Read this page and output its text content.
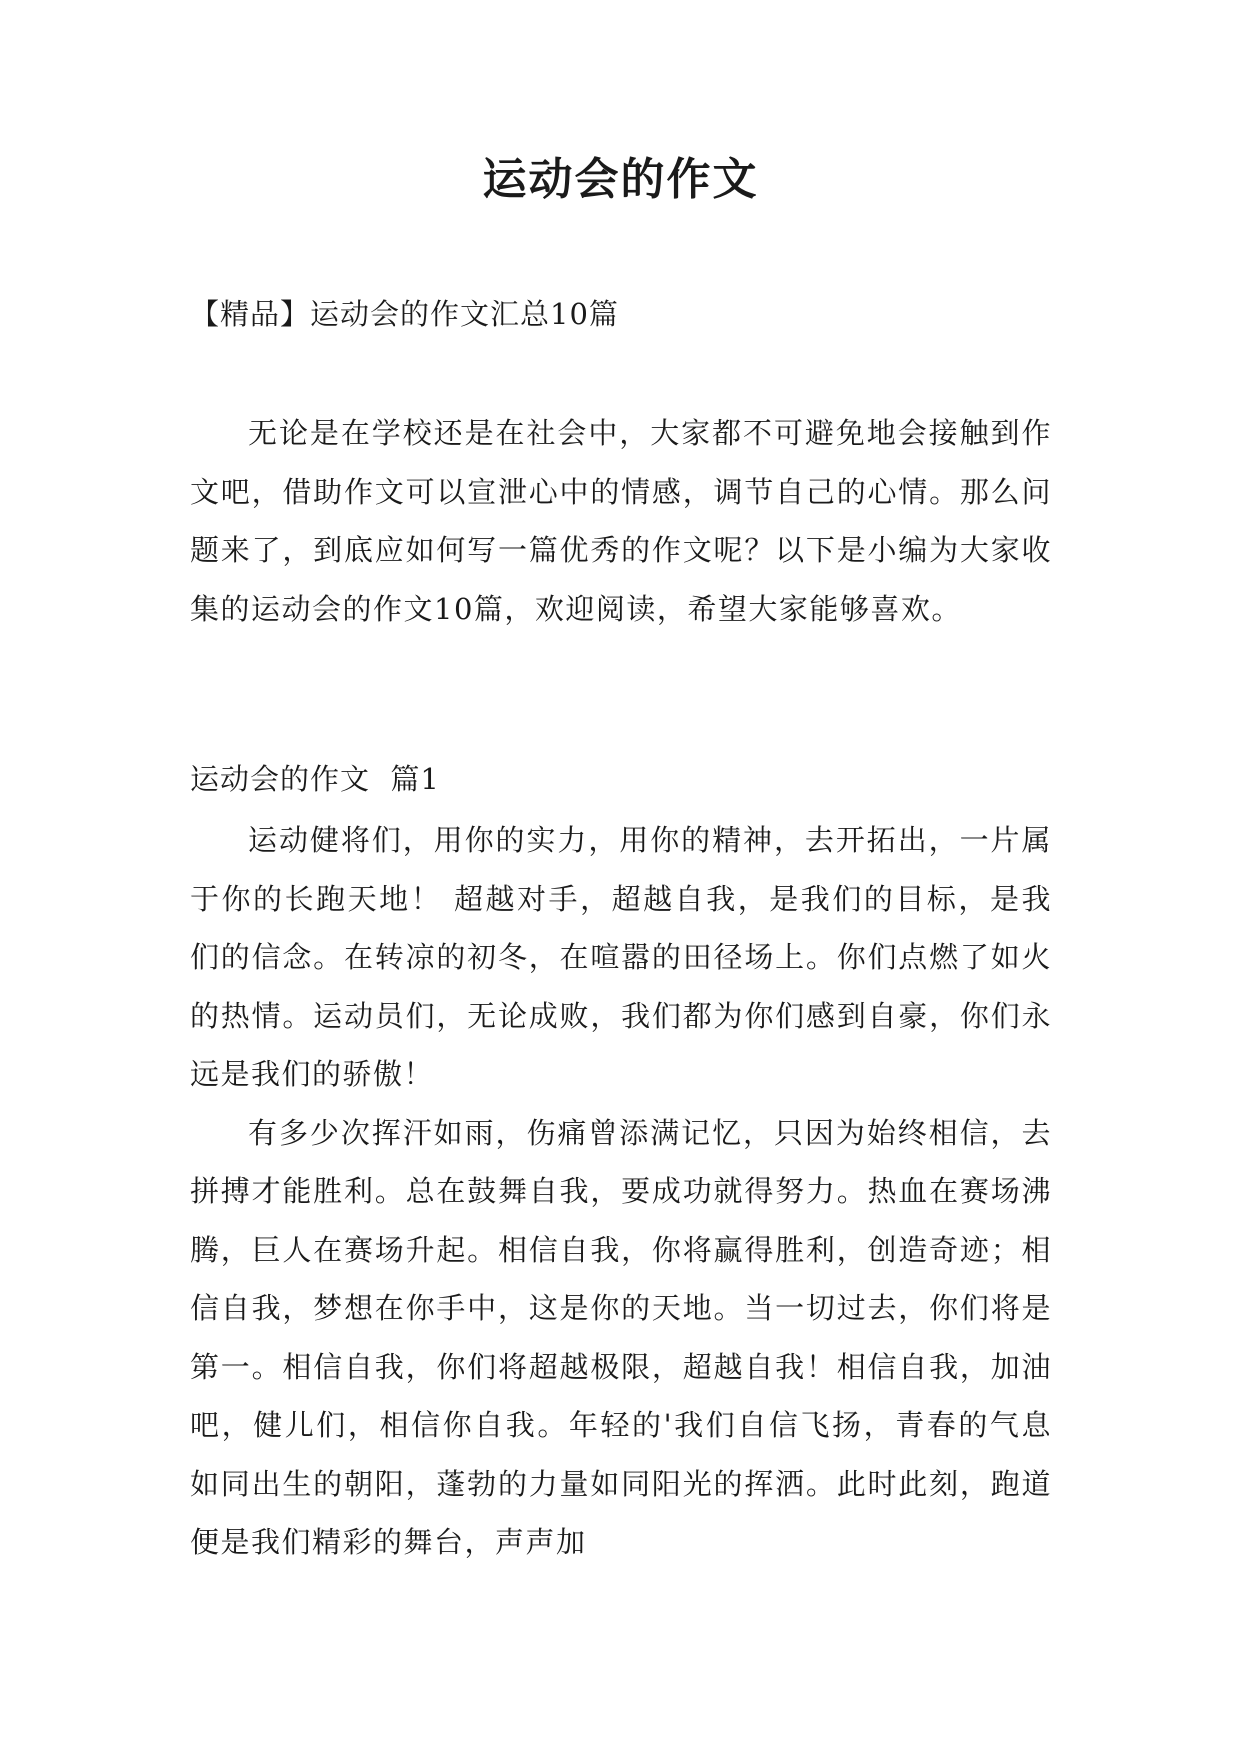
运动会的作文
【精品】运动会的作文汇总10篇

无论是在学校还是在社会中，大家都不可避免地会接触到作文吧，借助作文可以宣泄心中的情感，调节自己的心情。那么问题来了，到底应如何写一篇优秀的作文呢？以下是小编为大家收集的运动会的作文10篇，欢迎阅读，希望大家能够喜欢。

运动会的作文  篇1

运动健将们，用你的实力，用你的精神，去开拓出，一片属于你的长跑天地！ 超越对手，超越自我，是我们的目标，是我们的信念。在转凉的初冬，在喧嚣的田径场上。你们点燃了如火的热情。运动员们，无论成败，我们都为你们感到自豪，你们永远是我们的骄傲！

有多少次挥汗如雨，伤痛曾添满记忆，只因为始终相信，去拼搏才能胜利。总在鼓舞自我，要成功就得努力。热血在赛场沸腾，巨人在赛场升起。相信自我，你将赢得胜利，创造奇迹；相信自我，梦想在你手中，这是你的天地。当一切过去，你们将是第一。相信自我，你们将超越极限，超越自我！相信自我，加油吧，健儿们，相信你自我。年轻的'我们自信飞扬，青春的气息如同出生的朝阳，蓬勃的力量如同阳光的挥洒。此时此刻，跑道便是我们精彩的舞台，声声加
